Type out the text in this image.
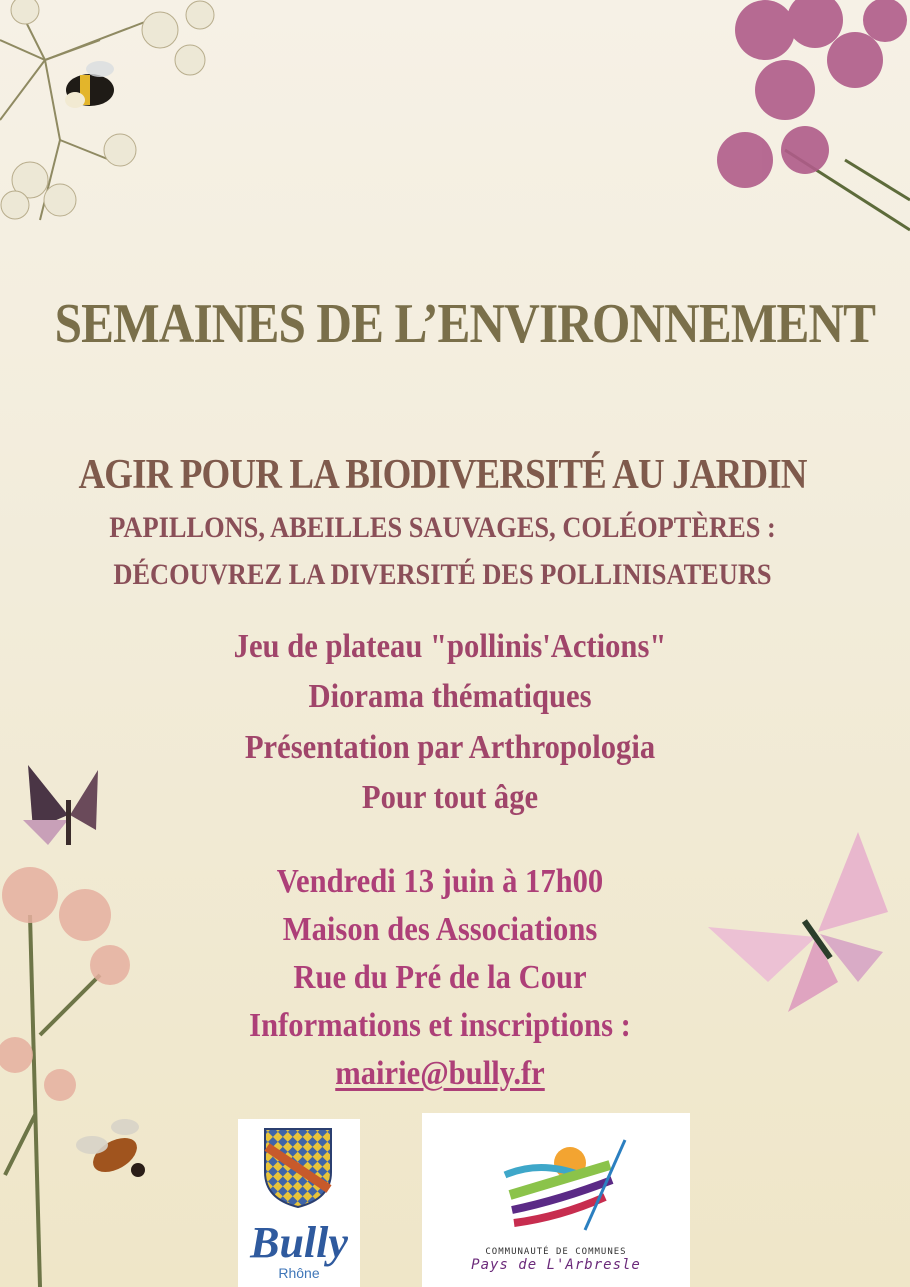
SEMAINES DE L’ENVIRONNEMENT
AGIR POUR LA BIODIVERSITÉ AU JARDIN
PAPILLONS, ABEILLES SAUVAGES, COLÉOPTÈRES :
DÉCOUVREZ LA DIVERSITÉ DES POLLINISATEURS
Jeu de plateau "pollinis'Actions"
Diorama thématiques
Présentation par Arthropologia
Pour tout âge
Vendredi 13 juin à 17h00
Maison des Associations
Rue du Pré de la Cour
Informations et inscriptions :
mairie@bully.fr
Bully
Rhône
COMMUNAUTÉ DE COMMUNES
Pays de L'Arbresle
